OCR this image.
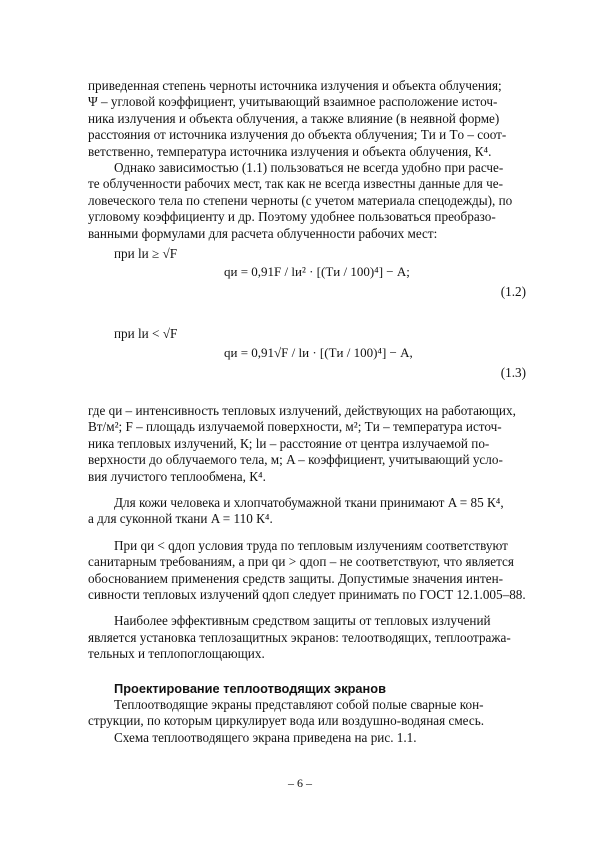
приведенная степень черноты источника излучения и объекта облучения;
Ψ – угловой коэффициент, учитывающий взаимное расположение источ-
ника излучения и объекта облучения, а также влияние (в неявной форме)
расстояния от источника излучения до объекта облучения; Tи и Tо – соот-
ветственно, температура источника излучения и объекта облучения, К⁴.

Однако зависимостью (1.1) пользоваться не всегда удобно при расче-
те облученности рабочих мест, так как не всегда известны данные для че-
ловеческого тела по степени черноты (с учетом материала спецодежды), по
угловому коэффициенту и др. Поэтому удобнее пользоваться преобразо-
ванными формулами для расчета облученности рабочих мест:

при lи ≥ √F

qи = 0,91F / lи² · [(Tи / 100)⁴] − A;
(1.2)

при lи < √F

qи = 0,91√F / lи · [(Tи / 100)⁴] − A,
(1.3)

где qи – интенсивность тепловых излучений, действующих на работающих,
Вт/м²; F – площадь излучаемой поверхности, м²; Tи – температура источ-
ника тепловых излучений, К; lи – расстояние от центра излучаемой по-
верхности до облучаемого тела, м; A – коэффициент, учитывающий усло-
вия лучистого теплообмена, К⁴.

Для кожи человека и хлопчатобумажной ткани принимают A = 85 К⁴,
а для суконной ткани A = 110 К⁴.

При qи < qдоп условия труда по тепловым излучениям соответствуют
санитарным требованиям, а при qи > qдоп – не соответствуют, что является
обоснованием применения средств защиты. Допустимые значения интен-
сивности тепловых излучений qдоп следует принимать по ГОСТ 12.1.005–88.

Наиболее эффективным средством защиты от тепловых излучений
является установка теплозащитных экранов: телоотводящих, теплоотража-
тельных и теплопоглощающих.

Проектирование теплоотводящих экранов

Теплоотводящие экраны представляют собой полые сварные кон-
струкции, по которым циркулирует вода или воздушно-водяная смесь.

Схема теплоотводящего экрана приведена на рис. 1.1.

– 6 –
